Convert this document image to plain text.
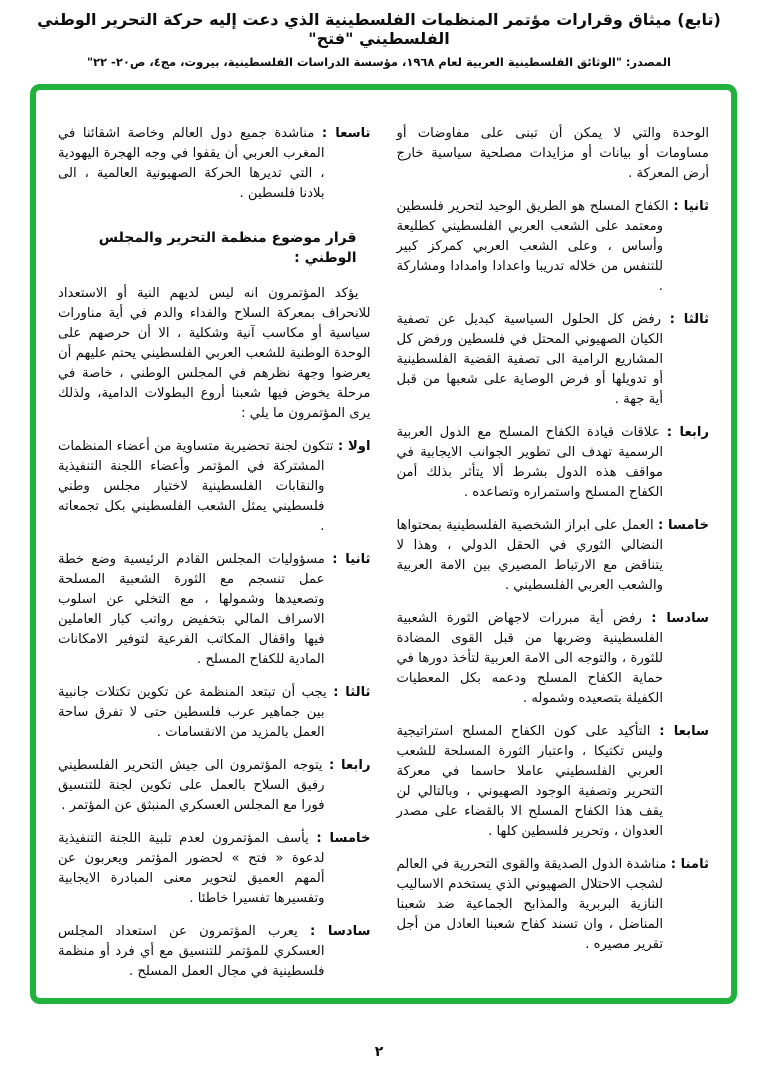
(تابع) ميثاق وقرارات مؤتمر المنظمات الفلسطينية الذي دعت إليه حركة التحرير الوطني الفلسطيني "فتح"
المصدر: "الوثائق الفلسطينية العربية لعام ١٩٦٨، مؤسسة الدراسات الفلسطينية، بيروت، مج٤، ص٢٠- ٢٢"

الوحدة والتي لا يمكن أن تبنى على مفاوضات أو مساومات أو بيانات أو مزايدات مصلحية سياسية خارج أرض المعركة .

ثانيا : الكفاح المسلح هو الطريق الوحيد لتحرير فلسطين ومعتمد على الشعب العربي الفلسطيني كطليعة وأساس ، وعلى الشعب العربي كمركز كبير للتنفس من خلاله تدريبا واعدادا وامدادا ومشاركة .

ثالثا : رفض كل الحلول السياسية كبديل عن تصفية الكيان الصهيوني المحتل في فلسطين ورفض كل المشاريع الرامية الى تصفية القضية الفلسطينية أو تدويلها أو فرض الوصاية على شعبها من قبل أية جهة .

رابعا : علاقات قيادة الكفاح المسلح مع الدول العربية الرسمية تهدف الى تطوير الجوانب الايجابية في مواقف هذه الدول بشرط ألا يتأثر بذلك أمن الكفاح المسلح واستمراره وتصاعده .

خامسا : العمل على ابراز الشخصية الفلسطينية بمحتواها النضالي الثوري في الحقل الدولي ، وهذا لا يتناقض مع الارتباط المصيري بين الامة العربية والشعب العربي الفلسطيني .

سادسا : رفض أية مبررات لاجهاض الثورة الشعبية الفلسطينية وضربها من قبل القوى المضادة للثورة ، والتوجه الى الامة العربية لتأخذ دورها في حماية الكفاح المسلح ودعمه بكل المعطيات الكفيلة بتصعيده وشموله .

سابعا : التأكيد على كون الكفاح المسلح استراتيجية وليس تكتيكا ، واعتبار الثورة المسلحة للشعب العربي الفلسطيني عاملا حاسما في معركة التحرير وتصفية الوجود الصهيوني ، وبالتالي لن يقف هذا الكفاح المسلح الا بالقضاء على مصدر العدوان ، وتحرير فلسطين كلها .

ثامنا : مناشدة الدول الصديقة والقوى التحررية في العالم لشجب الاحتلال الصهيوني الذي يستخدم الاساليب النازية البربرية والمذابح الجماعية ضد شعبنا المناضل ، وان تسند كفاح شعبنا العادل من أجل تقرير مصيره .

تاسعا : مناشدة جميع دول العالم وخاصة اشقائنا في المغرب العربي أن يقفوا في وجه الهجرة اليهودية ، التي تديرها الحركة الصهيونية العالمية ، الى بلادنا فلسطين .

قرار موضوع منظمة التحرير والمجلس الوطني :

يؤكد المؤتمرون انه ليس لديهم النية أو الاستعداد للانحراف بمعركة السلاح والفداء والدم في أية مناورات سياسية أو مكاسب آنية وشكلية ، الا أن حرصهم على الوحدة الوطنية للشعب العربي الفلسطيني يحتم عليهم أن يعرضوا وجهة نظرهم في المجلس الوطني ، خاصة في مرحلة يخوض فيها شعبنا أروع البطولات الدامية، ولذلك يرى المؤتمرون ما يلي :

اولا : تتكون لجنة تحضيرية متساوية من أعضاء المنظمات المشتركة في المؤتمر وأعضاء اللجنة التنفيذية والنقابات الفلسطينية لاختيار مجلس وطني فلسطيني يمثل الشعب الفلسطيني بكل تجمعاته .

ثانيا : مسؤوليات المجلس القادم الرئيسية وضع خطة عمل تنسجم مع الثورة الشعبية المسلحة وتصعيدها وشمولها ، مع التخلي عن اسلوب الاسراف المالي بتخفيض رواتب كبار العاملين فيها واقفال المكاتب الفرعية لتوفير الامكانات المادية للكفاح المسلح .

ثالثا : يجب أن تبتعد المنظمة عن تكوين تكتلات جانبية بين جماهير عرب فلسطين حتى لا تفرق ساحة العمل بالمزيد من الانقسامات .

رابعا : يتوجه المؤتمرون الى جيش التحرير الفلسطيني رفيق السلاح بالعمل على تكوين لجنة للتنسيق فورا مع المجلس العسكري المنبثق عن المؤتمر .

خامسا : يأسف المؤتمرون لعدم تلبية اللجنة التنفيذية لدعوة « فتح » لحضور المؤتمر ويعربون عن ألمهم العميق لتحوير معنى المبادرة الايجابية وتفسيرها تفسيرا خاطئا .

سادسا : يعرب المؤتمرون عن استعداد المجلس العسكري للمؤتمر للتنسيق مع أي فرد أو منظمة فلسطينية في مجال العمل المسلح .

٢
